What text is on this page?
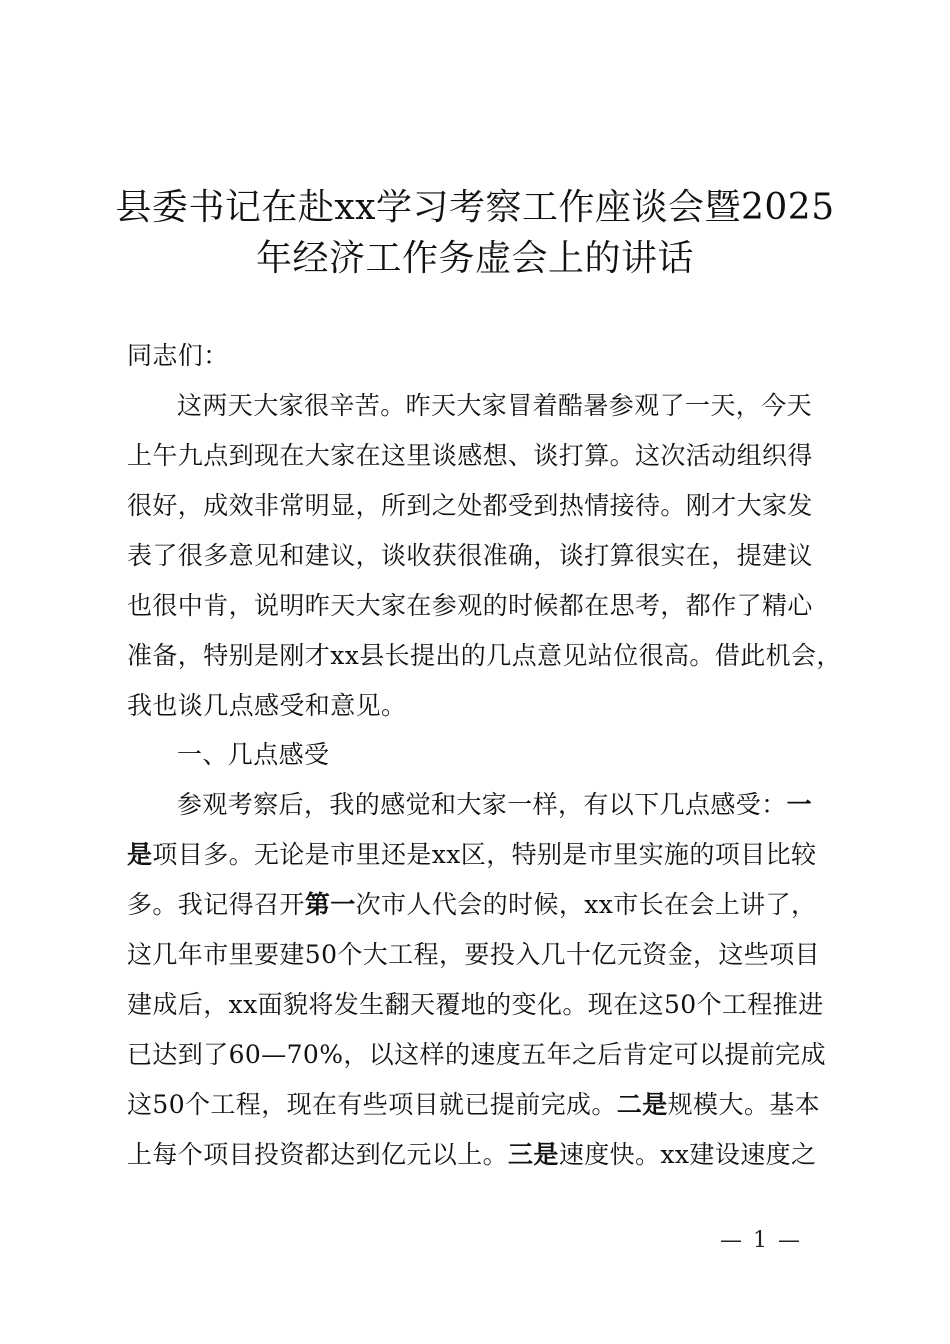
县委书记在赴xx学习考察工作座谈会暨2025
年经济工作务虚会上的讲话
同志们：
这两天大家很辛苦。昨天大家冒着酷暑参观了一天，今天
上午九点到现在大家在这里谈感想、谈打算。这次活动组织得
很好，成效非常明显，所到之处都受到热情接待。刚才大家发
表了很多意见和建议，谈收获很准确，谈打算很实在，提建议
也很中肯，说明昨天大家在参观的时候都在思考，都作了精心
准备，特别是刚才xx县长提出的几点意见站位很高。借此机会，
我也谈几点感受和意见。
一、几点感受
参观考察后，我的感觉和大家一样，有以下几点感受：一
是项目多。无论是市里还是xx区，特别是市里实施的项目比较
多。我记得召开第一次市人代会的时候，xx市长在会上讲了，
这几年市里要建50个大工程，要投入几十亿元资金，这些项目
建成后，xx面貌将发生翻天覆地的变化。现在这50个工程推进
已达到了60—70%，以这样的速度五年之后肯定可以提前完成
这50个工程，现在有些项目就已提前完成。二是规模大。基本
上每个项目投资都达到亿元以上。三是速度快。xx建设速度之
— 1 —
